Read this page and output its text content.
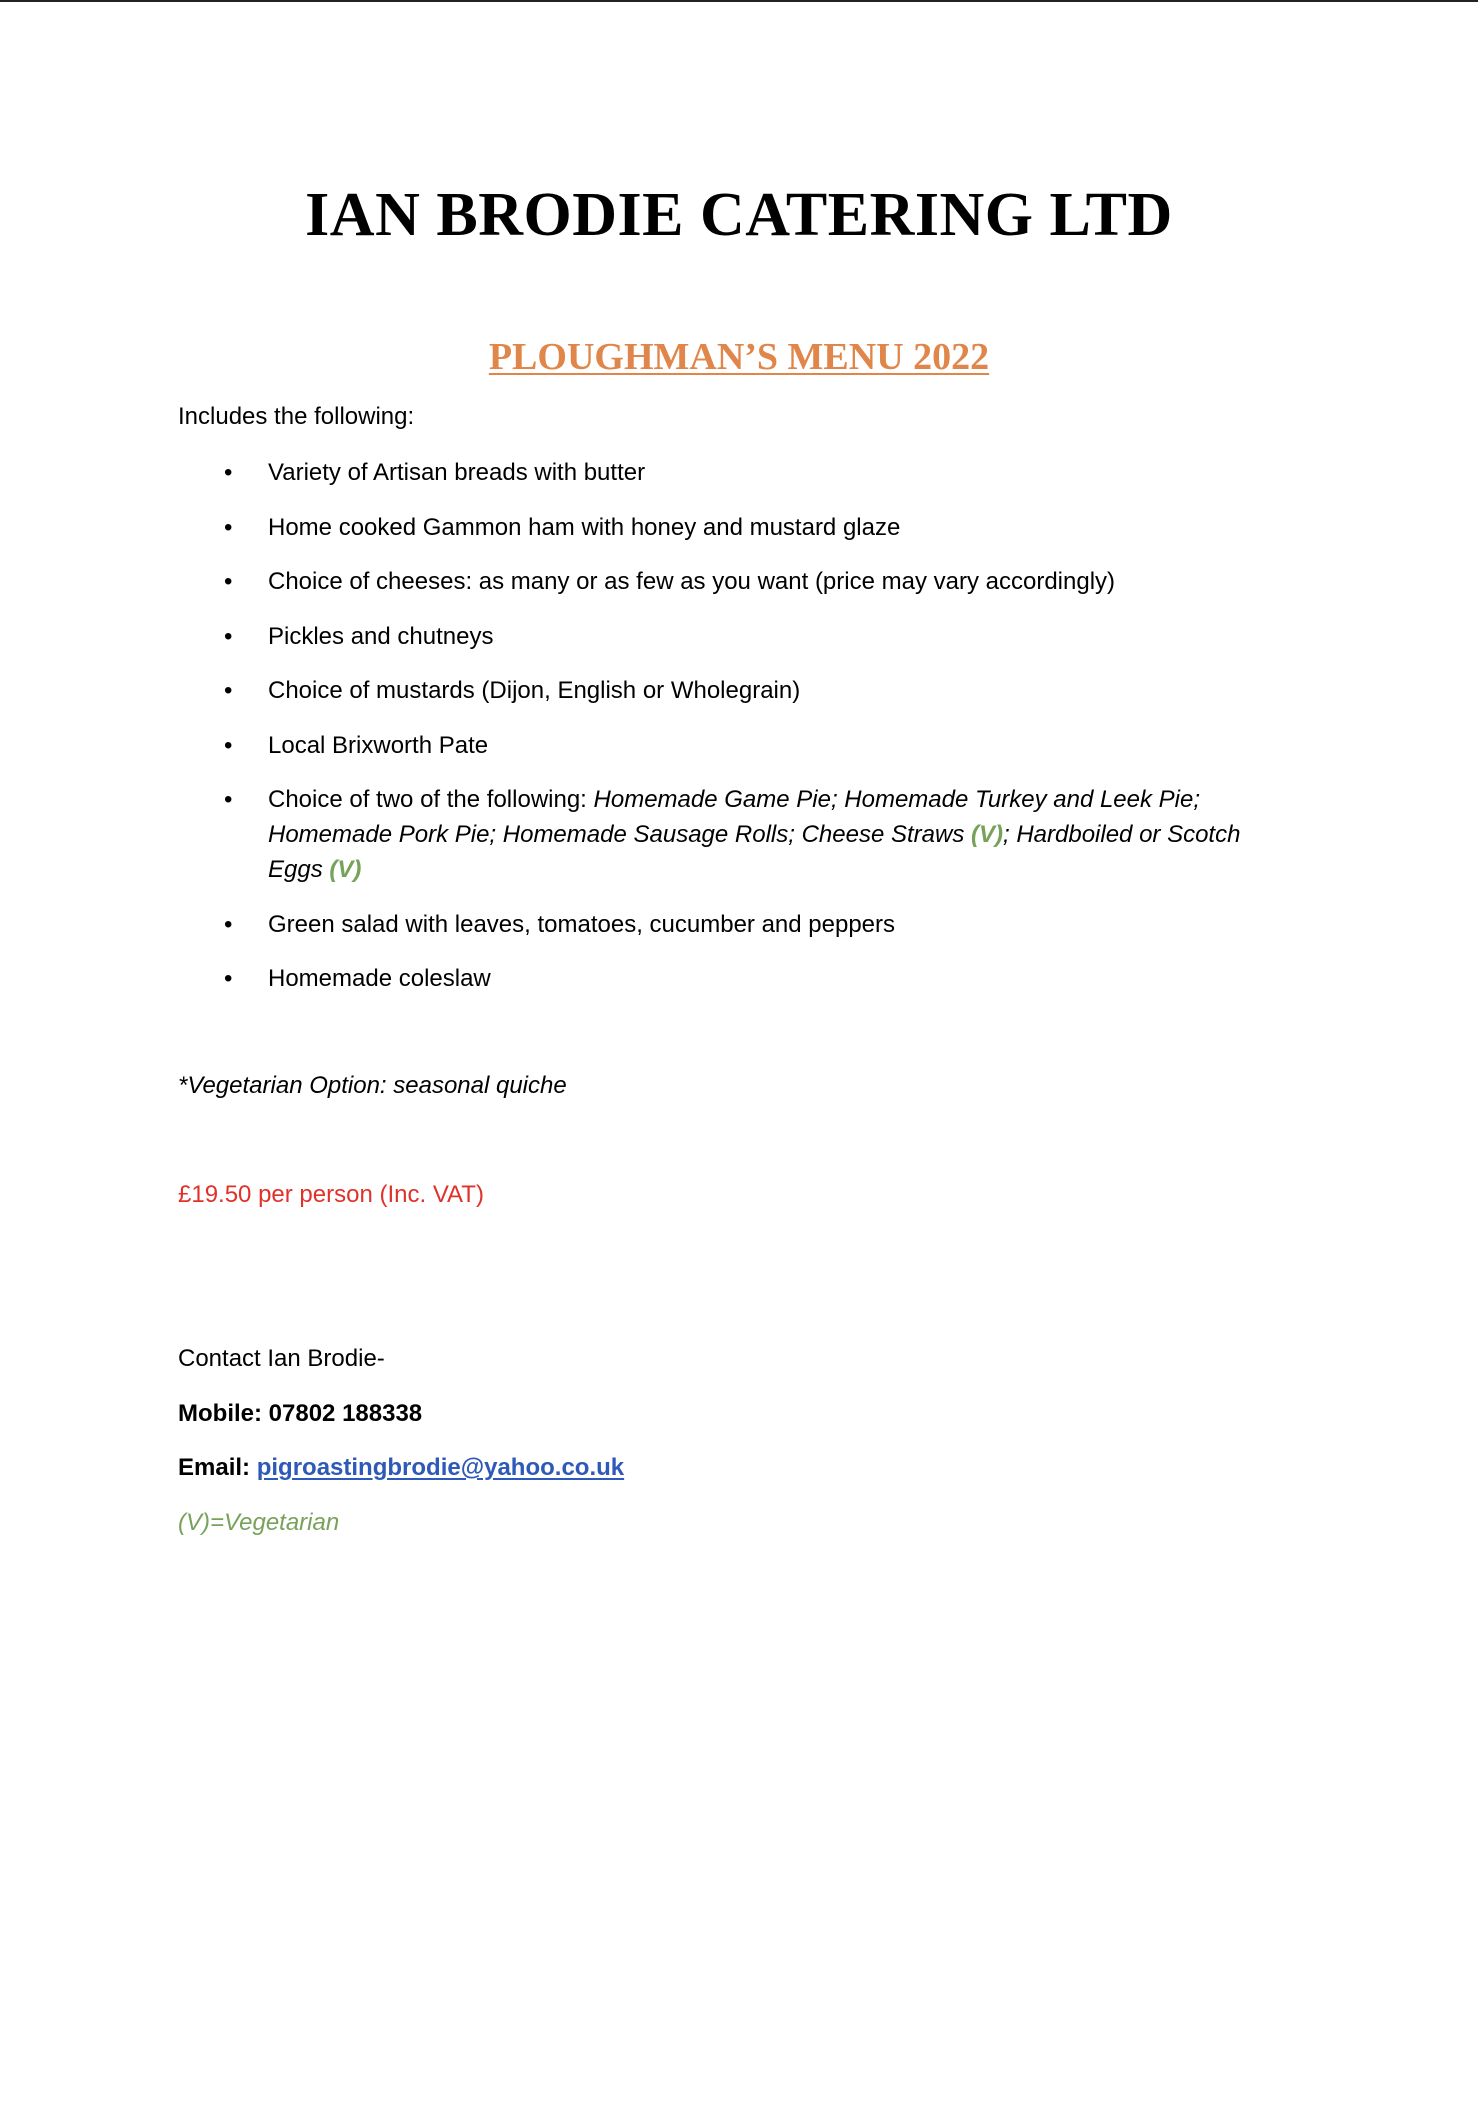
IAN BRODIE CATERING LTD
PLOUGHMAN’S MENU 2022
Includes the following:
• Variety of Artisan breads with butter
• Home cooked Gammon ham with honey and mustard glaze
• Choice of cheeses: as many or as few as you want (price may vary accordingly)
• Pickles and chutneys
• Choice of mustards (Dijon, English or Wholegrain)
• Local Brixworth Pate
• Choice of two of the following: Homemade Game Pie; Homemade Turkey and Leek Pie; Homemade Pork Pie; Homemade Sausage Rolls; Cheese Straws (V); Hardboiled or Scotch Eggs (V)
• Green salad with leaves, tomatoes, cucumber and peppers
• Homemade coleslaw
*Vegetarian Option: seasonal quiche
£19.50 per person (Inc. VAT)
Contact Ian Brodie-
Mobile: 07802 188338
Email: pigroastingbrodie@yahoo.co.uk
(V)=Vegetarian
